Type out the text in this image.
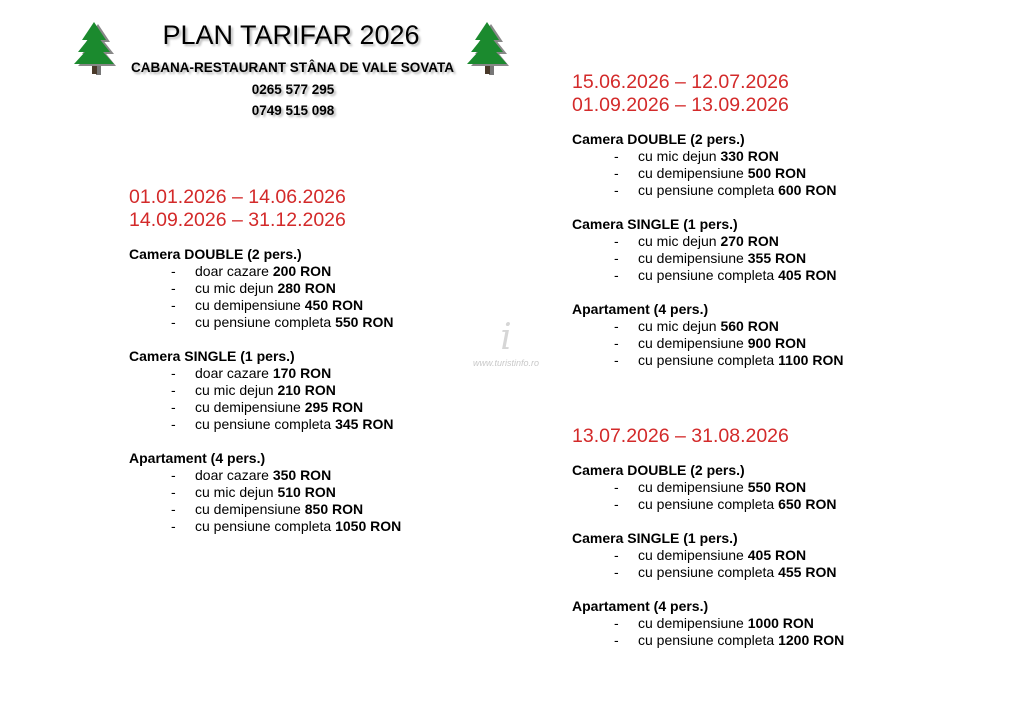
PLAN TARIFAR 2026
CABANA-RESTAURANT STÂNA DE VALE SOVATA
0265 577 295
0749 515 098
i
www.turistinfo.ro
01.01.2026 – 14.06.2026
14.09.2026 – 31.12.2026
Camera DOUBLE (2 pers.)
- doar cazare 200 RON
- cu mic dejun 280 RON
- cu demipensiune 450 RON
- cu pensiune completa 550 RON
Camera SINGLE (1 pers.)
- doar cazare 170 RON
- cu mic dejun 210 RON
- cu demipensiune 295 RON
- cu pensiune completa 345 RON
Apartament (4 pers.)
- doar cazare 350 RON
- cu mic dejun 510 RON
- cu demipensiune 850 RON
- cu pensiune completa 1050 RON
15.06.2026 – 12.07.2026
01.09.2026 – 13.09.2026
Camera DOUBLE (2 pers.)
- cu mic dejun 330 RON
- cu demipensiune 500 RON
- cu pensiune completa 600 RON
Camera SINGLE (1 pers.)
- cu mic dejun 270 RON
- cu demipensiune 355 RON
- cu pensiune completa 405 RON
Apartament (4 pers.)
- cu mic dejun 560 RON
- cu demipensiune 900 RON
- cu pensiune completa 1100 RON
13.07.2026 – 31.08.2026
Camera DOUBLE (2 pers.)
- cu demipensiune 550 RON
- cu pensiune completa 650 RON
Camera SINGLE (1 pers.)
- cu demipensiune 405 RON
- cu pensiune completa 455 RON
Apartament (4 pers.)
- cu demipensiune 1000 RON
- cu pensiune completa 1200 RON
